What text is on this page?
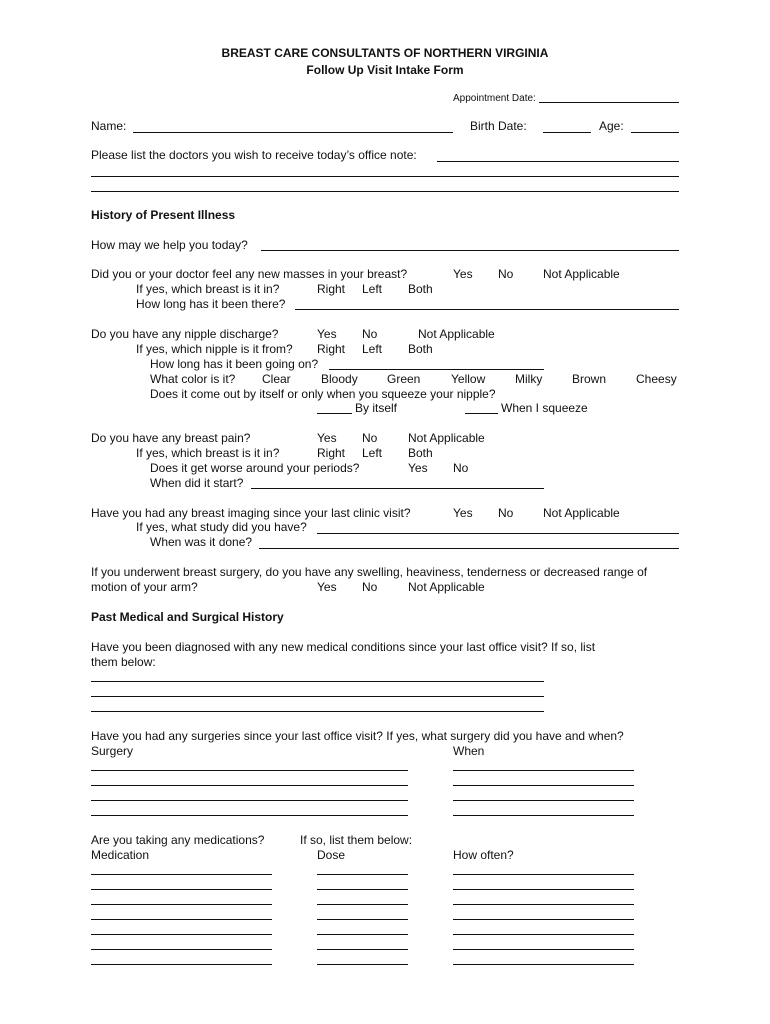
BREAST CARE CONSULTANTS OF NORTHERN VIRGINIA
Follow Up Visit Intake Form
Appointment Date:
Name:	Birth Date:	Age:
Please list the doctors you wish to receive today’s office note:
History of Present Illness
How may we help you today?
Did you or your doctor feel any new masses in your breast?	Yes No Not Applicable
If yes, which breast is it in?	Right Left Both
How long has it been there?
Do you have any nipple discharge?	Yes No	Not Applicable
If yes, which nipple is it from? Right Left Both
How long has it been going on?
What color is it? Clear	Bloody Green	Yellow Milky Brown Cheesy
Does it come out by itself or only when you squeeze your nipple?
By itself	When I squeeze
Do you have any breast pain?	Yes No	Not Applicable
If yes, which breast is it in?	Right Left Both
Does it get worse around your periods?	Yes No
When did it start?
Have you had any breast imaging since your last clinic visit?	Yes No Not Applicable
If yes, what study did you have?
When was it done?
If you underwent breast surgery, do you have any swelling, heaviness, tenderness or decreased range of
motion of your arm?	Yes No	Not Applicable
Past Medical and Surgical History
Have you been diagnosed with any new medical conditions since your last office visit? If so, list
them below:
Have you had any surgeries since your last office visit? If yes, what surgery did you have and when?
Surgery	When
Are you taking any medications?	If so, list them below:
Medication	Dose	How often?
